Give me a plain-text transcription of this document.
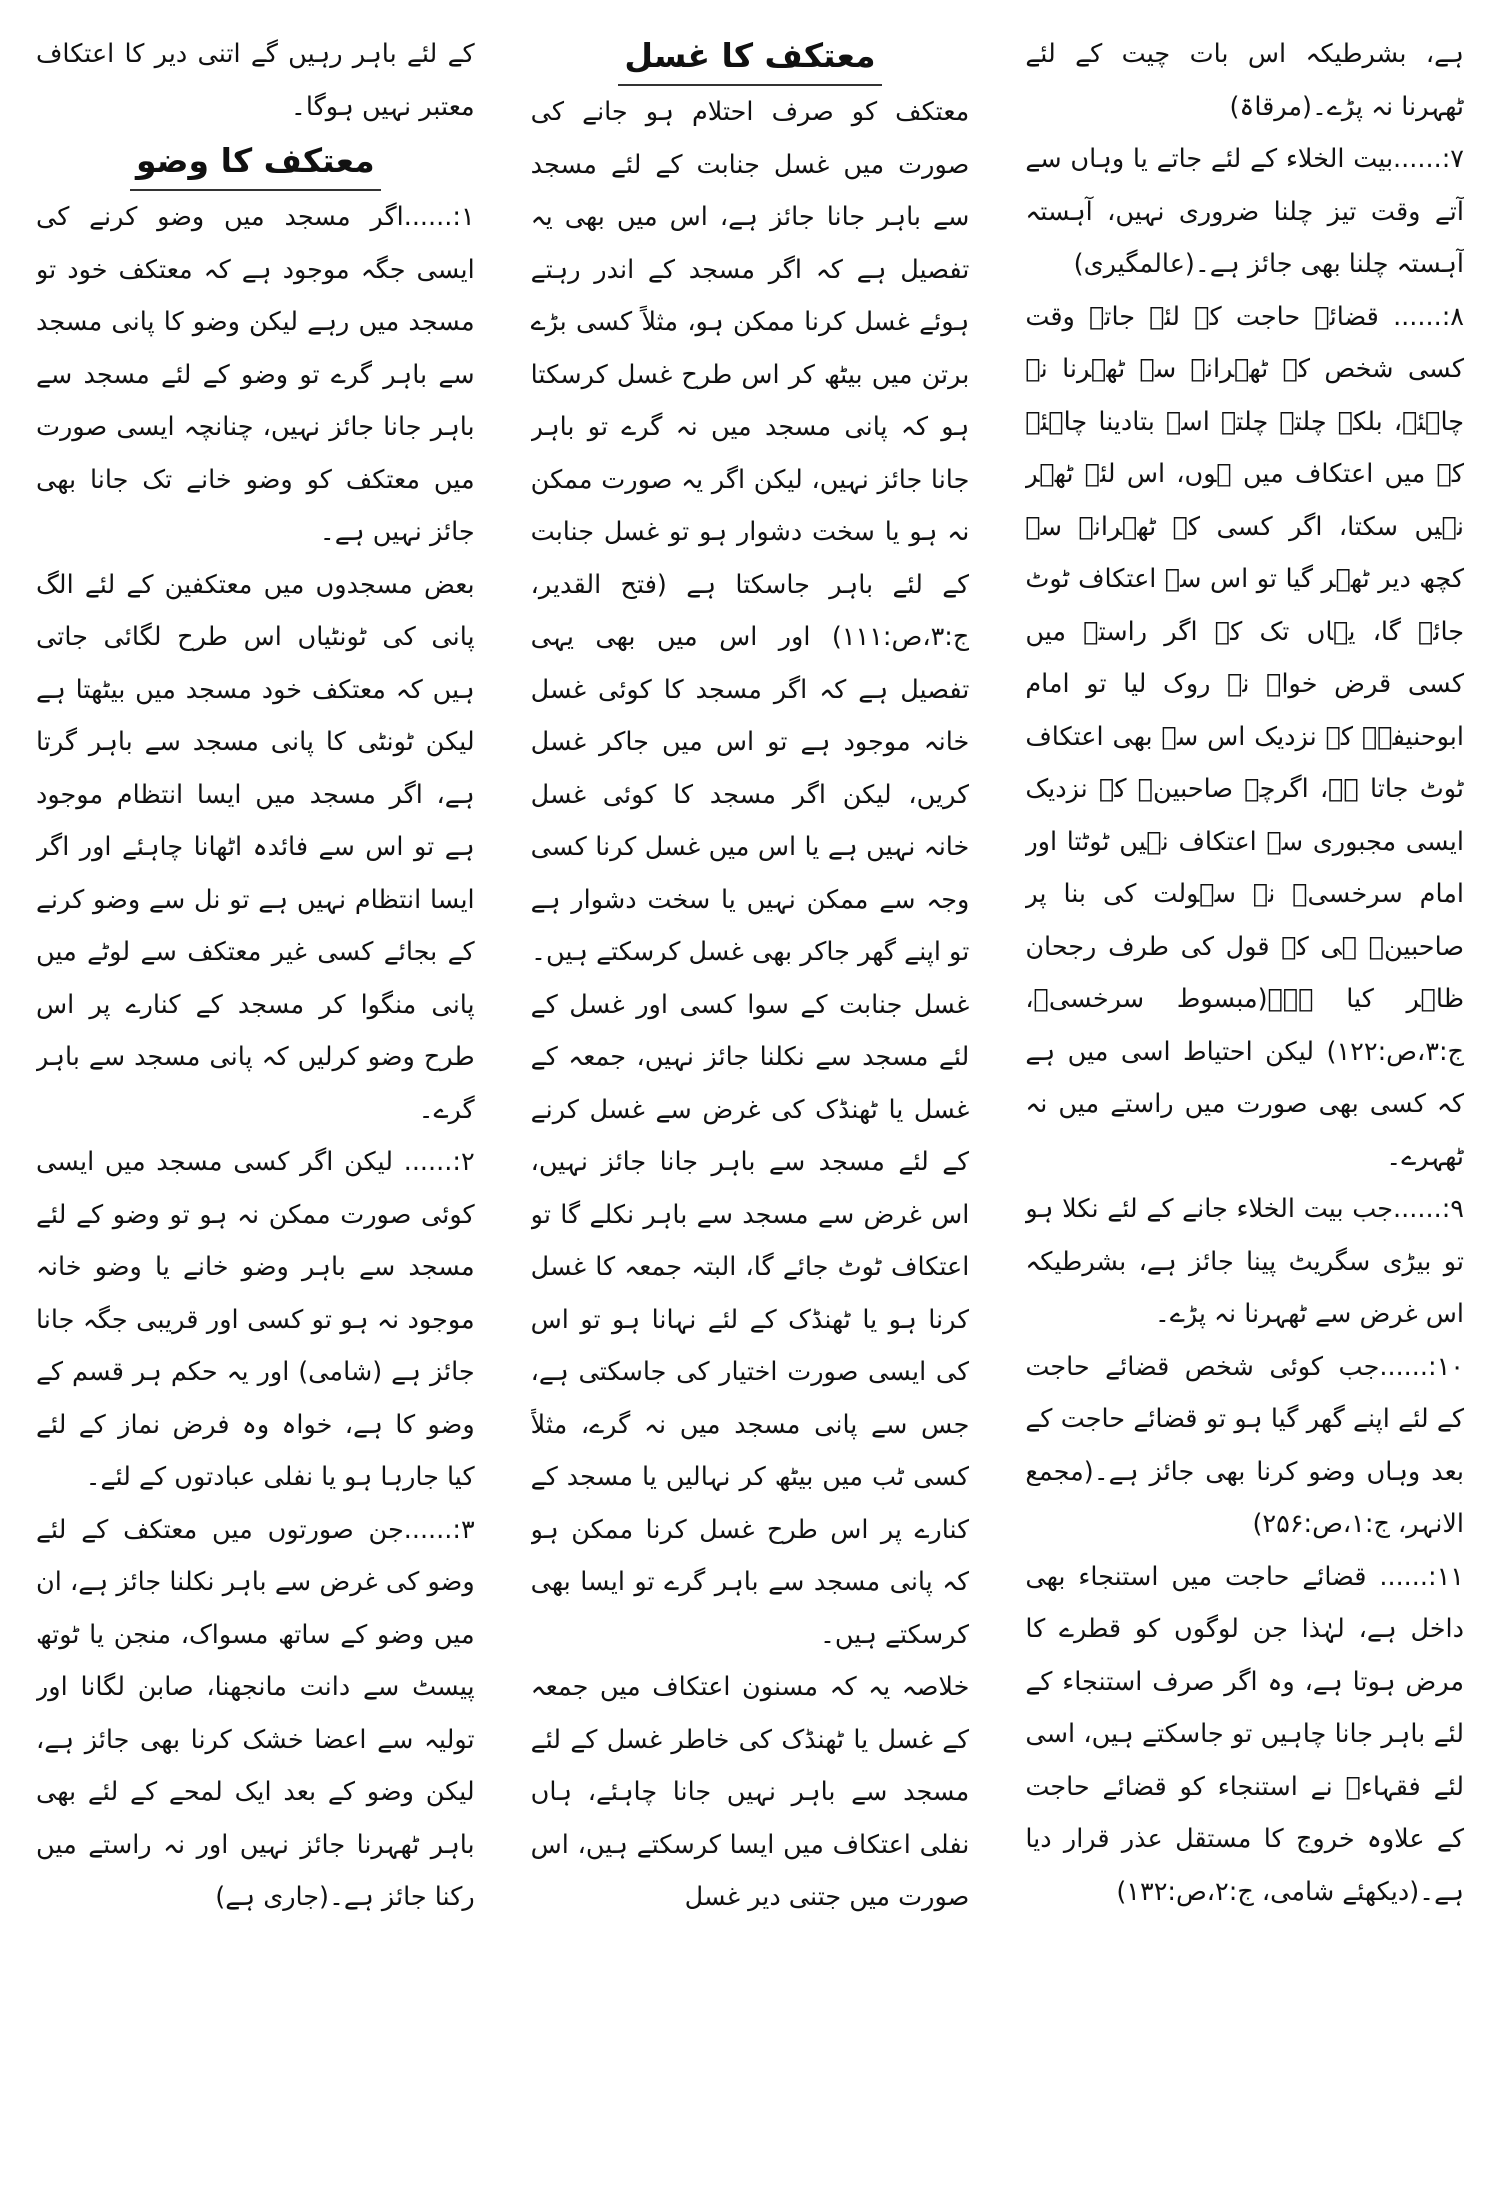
ہے، بشرطیکہ اس بات چیت کے لئے ٹھہرنا نہ پڑے۔(مرقاۃ)

۷:......بیت الخلاء کے لئے جاتے یا وہاں سے آتے وقت تیز چلنا ضروری نہیں، آہستہ آہستہ چلنا بھی جائز ہے۔(عالمگیری)

۸:...... قضائے حاجت کے لئے جاتے وقت کسی شخص کے ٹھہرانے سے ٹھہرنا نہ چاہئے، بلکہ چلتے چلتے اسے بتادینا چاہئے کہ میں اعتکاف میں ہوں، اس لئے ٹھہر نہیں سکتا، اگر کسی کے ٹھہرانے سے کچھ دیر ٹھہر گیا تو اس سے اعتکاف ٹوٹ جائے گا، یہاں تک کہ اگر راستے میں کسی قرض خواہ نے روک لیا تو امام ابوحنیفہؒ کے نزدیک اس سے بھی اعتکاف ٹوٹ جاتا ہے، اگرچہ صاحبینؒ کے نزدیک ایسی مجبوری سے اعتکاف نہیں ٹوٹتا اور امام سرخسیؒ نے سہولت کی بنا پر صاحبینؒ ہی کے قول کی طرف رجحان ظاہر کیا ہے۔(مبسوط سرخسیؒ، ج:۳،ص:۱۲۲) لیکن احتیاط اسی میں ہے کہ کسی بھی صورت میں راستے میں نہ ٹھہرے۔

۹:......جب بیت الخلاء جانے کے لئے نکلا ہو تو بیڑی سگریٹ پینا جائز ہے، بشرطیکہ اس غرض سے ٹھہرنا نہ پڑے۔

۱۰:......جب کوئی شخص قضائے حاجت کے لئے اپنے گھر گیا ہو تو قضائے حاجت کے بعد وہاں وضو کرنا بھی جائز ہے۔(مجمع الانہر، ج:۱،ص:۲۵۶)

۱۱:...... قضائے حاجت میں استنجاء بھی داخل ہے، لہٰذا جن لوگوں کو قطرے کا مرض ہوتا ہے، وہ اگر صرف استنجاء کے لئے باہر جانا چاہیں تو جاسکتے ہیں، اسی لئے فقہاءؒ نے استنجاء کو قضائے حاجت کے علاوہ خروج کا مستقل عذر قرار دیا ہے۔(دیکھئے شامی، ج:۲،ص:۱۳۲)

معتکف کا غسل

معتکف کو صرف احتلام ہو جانے کی صورت میں غسل جنابت کے لئے مسجد سے باہر جانا جائز ہے، اس میں بھی یہ تفصیل ہے کہ اگر مسجد کے اندر رہتے ہوئے غسل کرنا ممکن ہو، مثلاً کسی بڑے برتن میں بیٹھ کر اس طرح غسل کرسکتا ہو کہ پانی مسجد میں نہ گرے تو باہر جانا جائز نہیں، لیکن اگر یہ صورت ممکن نہ ہو یا سخت دشوار ہو تو غسل جنابت کے لئے باہر جاسکتا ہے (فتح القدیر، ج:۳،ص:۱۱۱) اور اس میں بھی یہی تفصیل ہے کہ اگر مسجد کا کوئی غسل خانہ موجود ہے تو اس میں جاکر غسل کریں، لیکن اگر مسجد کا کوئی غسل خانہ نہیں ہے یا اس میں غسل کرنا کسی وجہ سے ممکن نہیں یا سخت دشوار ہے تو اپنے گھر جاکر بھی غسل کرسکتے ہیں۔

غسل جنابت کے سوا کسی اور غسل کے لئے مسجد سے نکلنا جائز نہیں، جمعہ کے غسل یا ٹھنڈک کی غرض سے غسل کرنے کے لئے مسجد سے باہر جانا جائز نہیں، اس غرض سے مسجد سے باہر نکلے گا تو اعتکاف ٹوٹ جائے گا، البتہ جمعہ کا غسل کرنا ہو یا ٹھنڈک کے لئے نہانا ہو تو اس کی ایسی صورت اختیار کی جاسکتی ہے، جس سے پانی مسجد میں نہ گرے، مثلاً کسی ٹب میں بیٹھ کر نہالیں یا مسجد کے کنارے پر اس طرح غسل کرنا ممکن ہو کہ پانی مسجد سے باہر گرے تو ایسا بھی کرسکتے ہیں۔

خلاصہ یہ کہ مسنون اعتکاف میں جمعہ کے غسل یا ٹھنڈک کی خاطر غسل کے لئے مسجد سے باہر نہیں جانا چاہئے، ہاں نفلی اعتکاف میں ایسا کرسکتے ہیں، اس صورت میں جتنی دیر غسل

کے لئے باہر رہیں گے اتنی دیر کا اعتکاف معتبر نہیں ہوگا۔

معتکف کا وضو

۱:......اگر مسجد میں وضو کرنے کی ایسی جگہ موجود ہے کہ معتکف خود تو مسجد میں رہے لیکن وضو کا پانی مسجد سے باہر گرے تو وضو کے لئے مسجد سے باہر جانا جائز نہیں، چنانچہ ایسی صورت میں معتکف کو وضو خانے تک جانا بھی جائز نہیں ہے۔

بعض مسجدوں میں معتکفین کے لئے الگ پانی کی ٹونٹیاں اس طرح لگائی جاتی ہیں کہ معتکف خود مسجد میں بیٹھتا ہے لیکن ٹونٹی کا پانی مسجد سے باہر گرتا ہے، اگر مسجد میں ایسا انتظام موجود ہے تو اس سے فائدہ اٹھانا چاہئے اور اگر ایسا انتظام نہیں ہے تو نل سے وضو کرنے کے بجائے کسی غیر معتکف سے لوٹے میں پانی منگوا کر مسجد کے کنارے پر اس طرح وضو کرلیں کہ پانی مسجد سے باہر گرے۔

۲:...... لیکن اگر کسی مسجد میں ایسی کوئی صورت ممکن نہ ہو تو وضو کے لئے مسجد سے باہر وضو خانے یا وضو خانہ موجود نہ ہو تو کسی اور قریبی جگہ جانا جائز ہے (شامی) اور یہ حکم ہر قسم کے وضو کا ہے، خواہ وہ فرض نماز کے لئے کیا جارہا ہو یا نفلی عبادتوں کے لئے۔

۳:......جن صورتوں میں معتکف کے لئے وضو کی غرض سے باہر نکلنا جائز ہے، ان میں وضو کے ساتھ مسواک، منجن یا ٹوتھ پیسٹ سے دانت مانجھنا، صابن لگانا اور تولیہ سے اعضا خشک کرنا بھی جائز ہے، لیکن وضو کے بعد ایک لمحے کے لئے بھی باہر ٹھہرنا جائز نہیں اور نہ راستے میں رکنا جائز ہے۔(جاری ہے)
